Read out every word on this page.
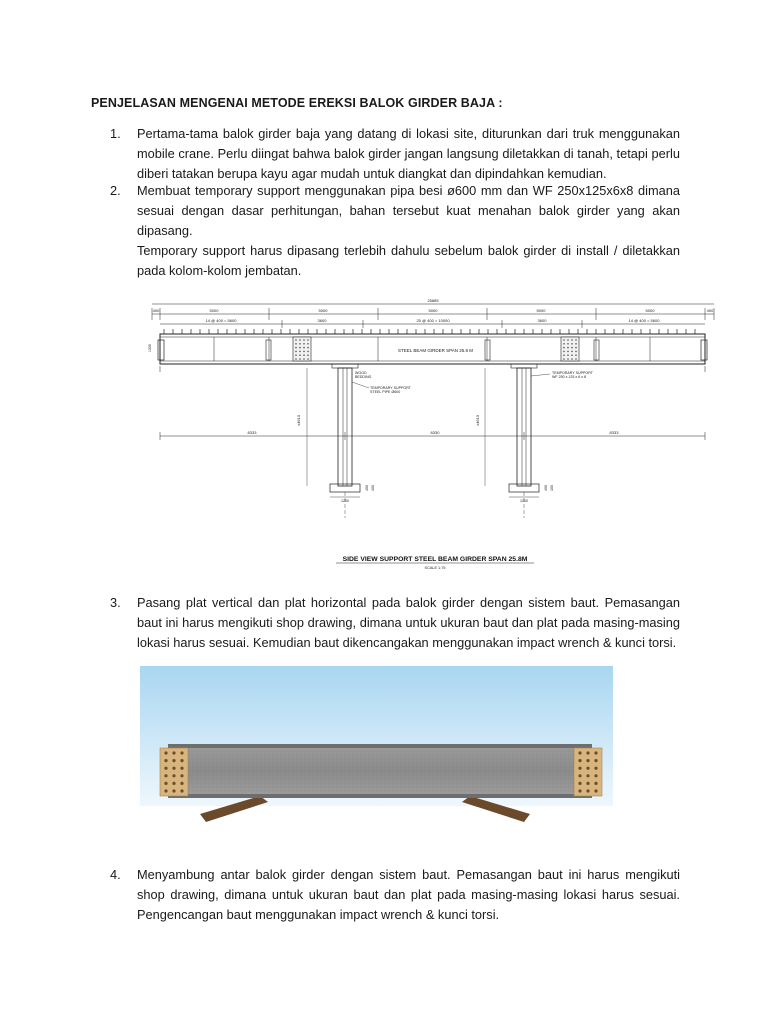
PENJELASAN MENGENAI METODE EREKSI BALOK GIRDER BAJA :
1.	Pertama-tama balok girder baja yang datang di lokasi site, diturunkan dari truk menggunakan mobile crane. Perlu diingat bahwa balok girder jangan langsung diletakkan di tanah, tetapi perlu diberi tatakan berupa kayu agar mudah untuk diangkat dan dipindahkan kemudian.

2.	Membuat temporary support menggunakan pipa besi ø600 mm dan WF 250x125x6x8 dimana sesuai dengan dasar perhitungan, bahan tersebut kuat menahan balok girder yang akan dipasang.

Temporary support harus dipasang terlebih dahulu sebelum balok girder di install / diletakkan pada kolom-kolom jembatan.

25885
400	5000	5000	5000	5000	5000	400
14 @ 400 = 5600	3600	25 @ 400 = 10000	3600	14 @ 400 = 5600
1330	STEEL BEAM GIRDER SPAN 25.8 M
WOOD
BEDDING
TEMPORARY SUPPORT
STEEL PIPE Ø600
TEMPORARY SUPPORT
WF 250 x 125 x 6 x 8
±4610	±4610
8333	8330	8333
1200	1200
400 100	400 100
SIDE VIEW SUPPORT STEEL BEAM GIRDER SPAN 25.8M
SCALE 1:75
3.	Pasang plat vertical dan plat horizontal pada balok girder dengan sistem baut. Pemasangan baut ini harus mengikuti shop drawing, dimana untuk ukuran baut dan plat pada masing-masing lokasi harus sesuai. Kemudian baut dikencangakan menggunakan impact wrench & kunci torsi.

4.	Menyambung antar balok girder dengan sistem baut. Pemasangan baut ini harus mengikuti shop drawing, dimana untuk ukuran baut dan plat pada masing-masing lokasi harus sesuai. Pengencangan baut menggunakan impact wrench & kunci torsi.
